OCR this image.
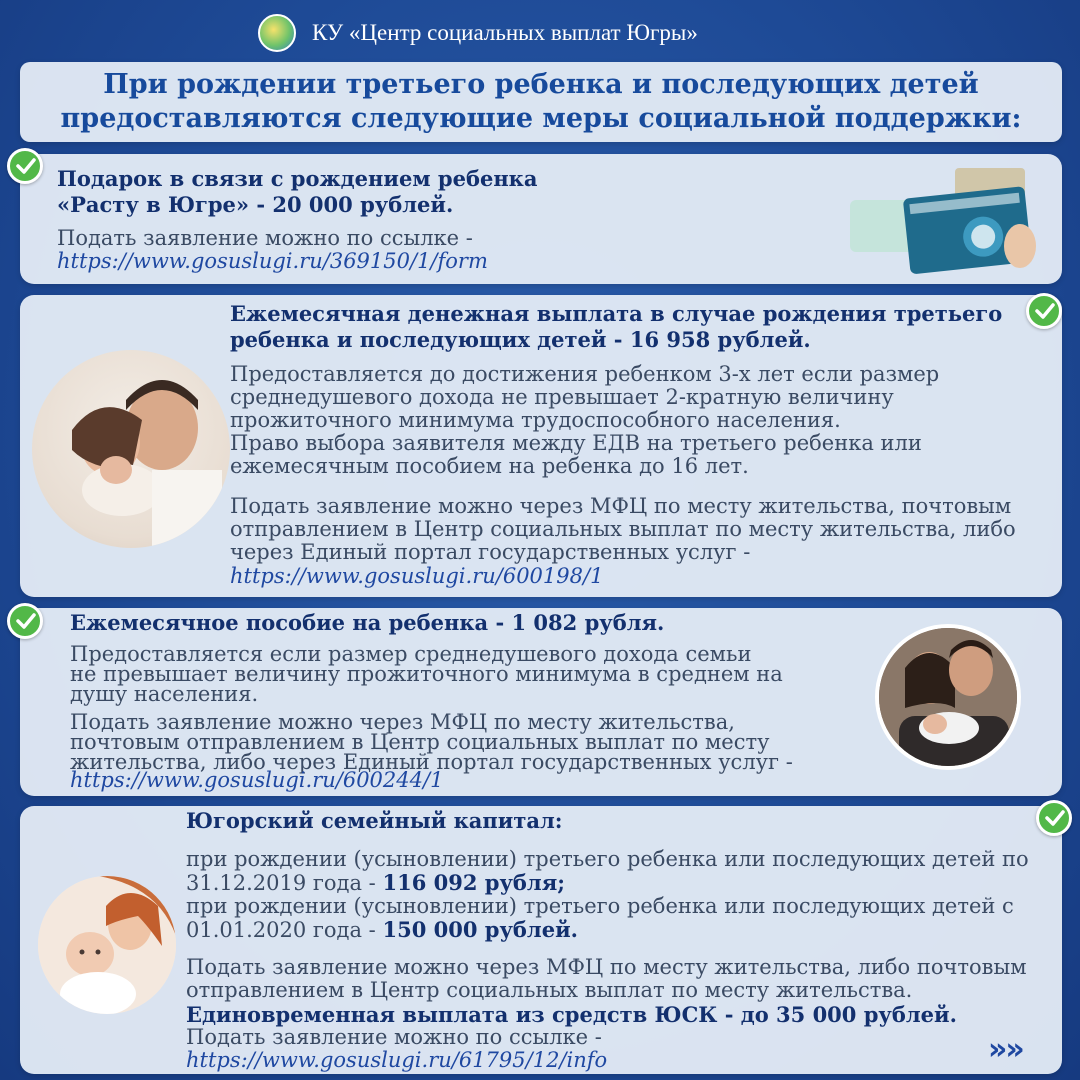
КУ «Центр социальных выплат Югры»
При рождении третьего ребенка и последующих детей
предоставляются следующие меры социальной поддержки:
Подарок в связи с рождением ребенка
«Расту в Югре» - 20 000 рублей.
Подать заявление можно по ссылке -
https://www.gosuslugi.ru/369150/1/form
Ежемесячная денежная выплата в случае рождения третьего
ребенка и последующих детей - 16 958 рублей.
Предоставляется до достижения ребенком 3-х лет если размер
среднедушевого дохода не превышает 2-кратную величину
прожиточного минимума трудоспособного населения.
Право выбора заявителя между ЕДВ на третьего ребенка или
ежемесячным пособием на ребенка до 16 лет.
Подать заявление можно через МФЦ по месту жительства, почтовым
отправлением в Центр социальных выплат по месту жительства, либо
через Единый портал государственных услуг -
https://www.gosuslugi.ru/600198/1
Ежемесячное пособие на ребенка - 1 082 рубля.
Предоставляется если размер среднедушевого дохода семьи
не превышает величину прожиточного минимума в среднем на
душу населения.
Подать заявление можно через МФЦ по месту жительства,
почтовым отправлением в Центр социальных выплат по месту
жительства, либо через Единый портал государственных услуг -
https://www.gosuslugi.ru/600244/1
Югорский семейный капитал:
при рождении (усыновлении) третьего ребенка или последующих детей по
31.12.2019 года - 116 092 рубля;
при рождении (усыновлении) третьего ребенка или последующих детей с
01.01.2020 года - 150 000 рублей.
Подать заявление можно через МФЦ по месту жительства, либо почтовым
отправлением в Центр социальных выплат по месту жительства.
Единовременная выплата из средств ЮСК - до 35 000 рублей.
Подать заявление можно по ссылке -
https://www.gosuslugi.ru/61795/12/info	»»
